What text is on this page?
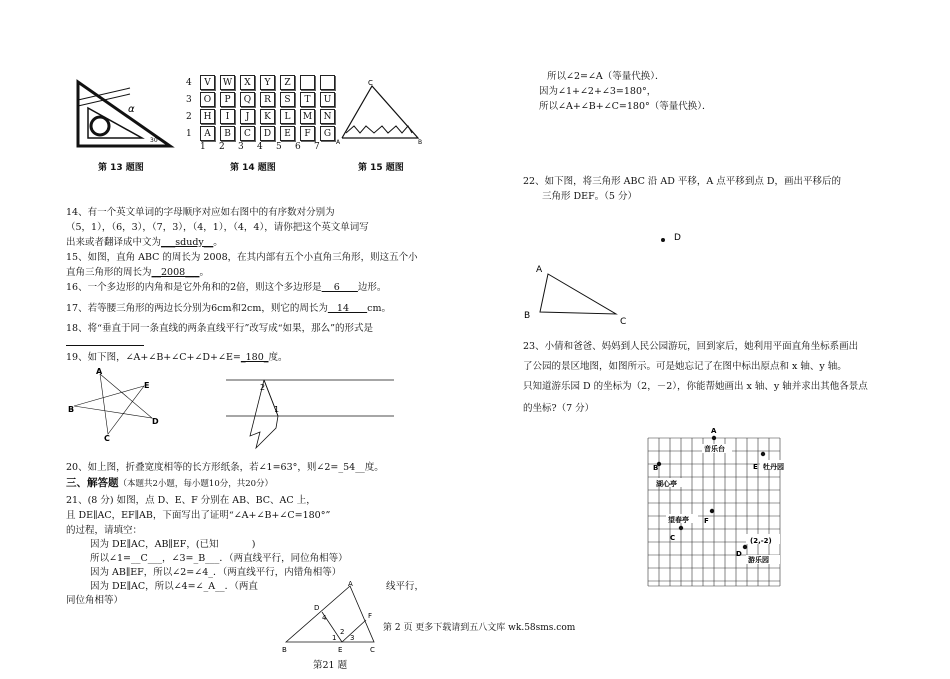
α
30°
第 13 题图
4	V	W	X	Y	Z
3	O	P	Q	R	S	T	U
2	H	I	J	K	L	M	N
1	A	B	C	D	E	F	G
1	2	3	4	5	6	7
第 14 题图
C
A	B
第 15 题图
14、有一个英文单词的字母顺序对应如右图中的有序数对分别为
（5，1），（6，3），（7，3），（4，1），（4，4），请你把这个英文单词写
出来或者翻译成中文为___sdudy__。
15、如图，直角 ABC 的周长为 2008，在其内部有五个小直角三角形，则这五个小
直角三角形的周长为__2008___。
16、一个多边形的内角和是它外角和的2倍，则这个多边形是    6      边形。
17、若等腰三角形的两边长分别为6cm和2cm，则它的周长为   14      cm。
18、将“垂直于同一条直线的两条直线平行”改写成“如果，那么”的形式是
19、如下图，∠A+∠B+∠C+∠D+∠E=_180_度。
A
B
C
D
E	2
1
20、如上图，折叠宽度相等的长方形纸条，若∠1=63°，则∠2=_54__度。
三、解答题（本题共2小题，每小题10分，共20分）
21、(8 分) 如图，点 D、E、F 分别在 AB、BC、AC 上，
且 DE∥AC，EF∥AB，下面写出了证明“∠A+∠B+∠C=180°”
的过程，请填空：
因为 DE∥AC，AB∥EF，(已知           )
所以∠1=__C___，∠3=_B___．（两直线平行，同位角相等）
因为 AB∥EF，所以∠2=∠4_．（两直线平行，内错角相等）
因为 DE∥AC，所以∠4=∠_A__．（两直	线平行，
同位角相等）
A
B	C
D
E
F
1
2
3
4
第21 题
所以∠2=∠A（等量代换）．
因为∠1+∠2+∠3=180°，
所以∠A+∠B+∠C=180°（等量代换）．
22、如下图，将三角形 ABC 沿 AD 平移，A 点平移到点 D，画出平移后的
三角形 DEF。（5 分）
D
A
B
C
23、小倩和爸爸、妈妈到人民公园游玩，回到家后，她利用平面直角坐标系画出
了公园的景区地图，如图所示。可是她忘记了在图中标出原点和 x 轴、y 轴。
只知道游乐园 D 的坐标为（2，－2），你能帮她画出 x 轴、y 轴并求出其他各景点
的坐标?（7 分）
A
音乐台
E 牡丹园
B
湖心亭
望春亭 F
C	(2,-2)
D
游乐园
第 2 页 更多下载请到五八文库 wk.58sms.com
